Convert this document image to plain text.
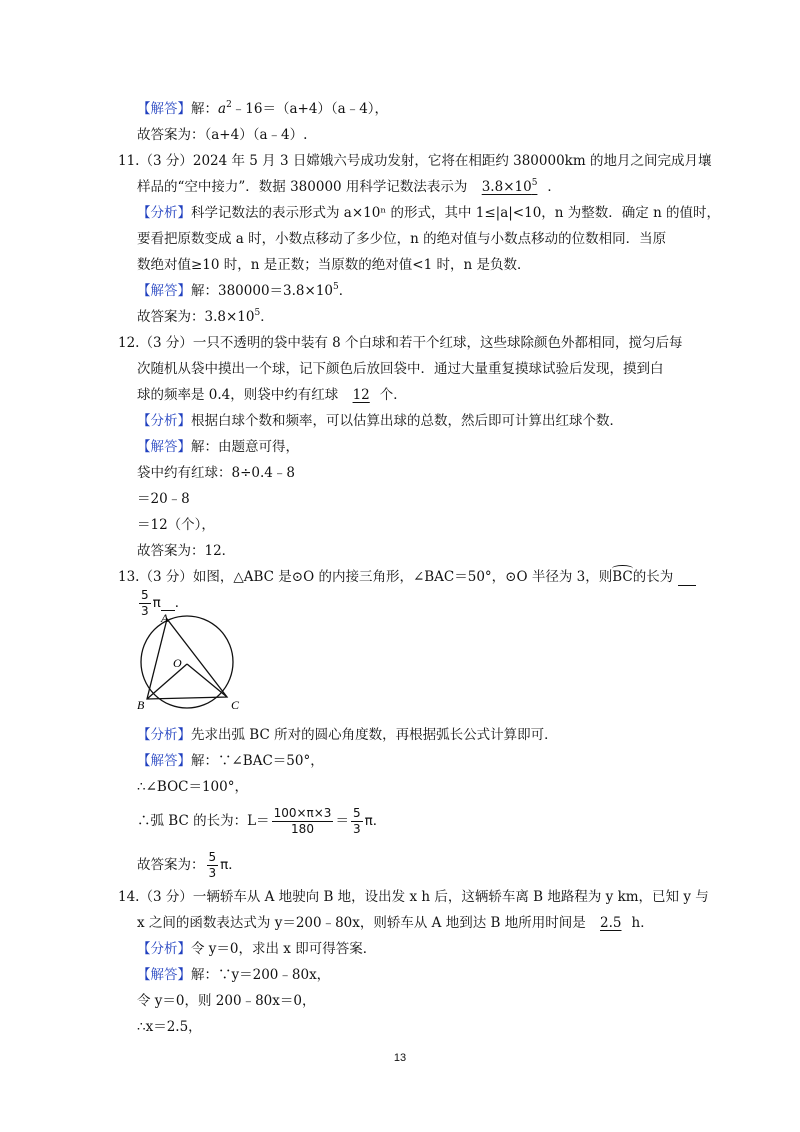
【解答】解：$a^2﹣16=(a+4)(a﹣4)$，
故答案为：（a+4）（a﹣4）.
11.（3 分）2024 年 5 月 3 日嫦娥六号成功发射，它将在相距约 380000km 的地月之间完成月壤
样品的“空中接力”．数据 380000 用科学记数法表示为 $3.8\times 10^5$ ．
【分析】科学记数法的表示形式为 a×10ⁿ 的形式，其中 1≤|a|<10，n 为整数．确定 n 的值时，
要看把原数变成 a 时，小数点移动了多少位，n 的绝对值与小数点移动的位数相同．当原
数绝对值≥10 时，n 是正数；当原数的绝对值<1 时，n 是负数．
【解答】解：$380000=3.8\times 10^5$．
故答案为：$3.8\times 10^5$．
12.（3 分）一只不透明的袋中装有 8 个白球和若干个红球，这些球除颜色外都相同，搅匀后每
次随机从袋中摸出一个球，记下颜色后放回袋中．通过大量重复摸球试验后发现，摸到白
球的频率是 0.4，则袋中约有红球 12 个．
【分析】根据白球个数和频率，可以估算出球的总数，然后即可计算出红球个数．
【解答】解：由题意可得，
袋中约有红球：8÷0.4﹣8
＝20﹣8
＝12（个），
故答案为：12．
13.（3 分）如图，△ABC 是⊙O 的内接三角形，∠BAC＝50°，⊙O 半径为 3，则BC的长为
$\frac{5}{3}$ π ．
A
B	C
O
【分析】先求出弧 BC 所对的圆心角度数，再根据弧长公式计算即可．
【解答】解：∵∠BAC＝50°，
∴∠BOC＝100°，
∴弧 BC 的长为：$L= \frac{100\times\pi\times 3}{180} = \frac{5}{3}$ π．
故答案为： $\frac{5}{3}$ π．
14.（3 分）一辆轿车从 A 地驶向 B 地，设出发 x h 后，这辆轿车离 B 地路程为 y km，已知 y 与
x 之间的函数表达式为 y＝200﹣80x，则轿车从 A 地到达 B 地所用时间是 2.5 h．
【分析】令 y＝0，求出 x 即可得答案．
【解答】解：∵y＝200﹣80x，
令 y＝0，则 200﹣80x＝0，
∴x＝2.5，
13
